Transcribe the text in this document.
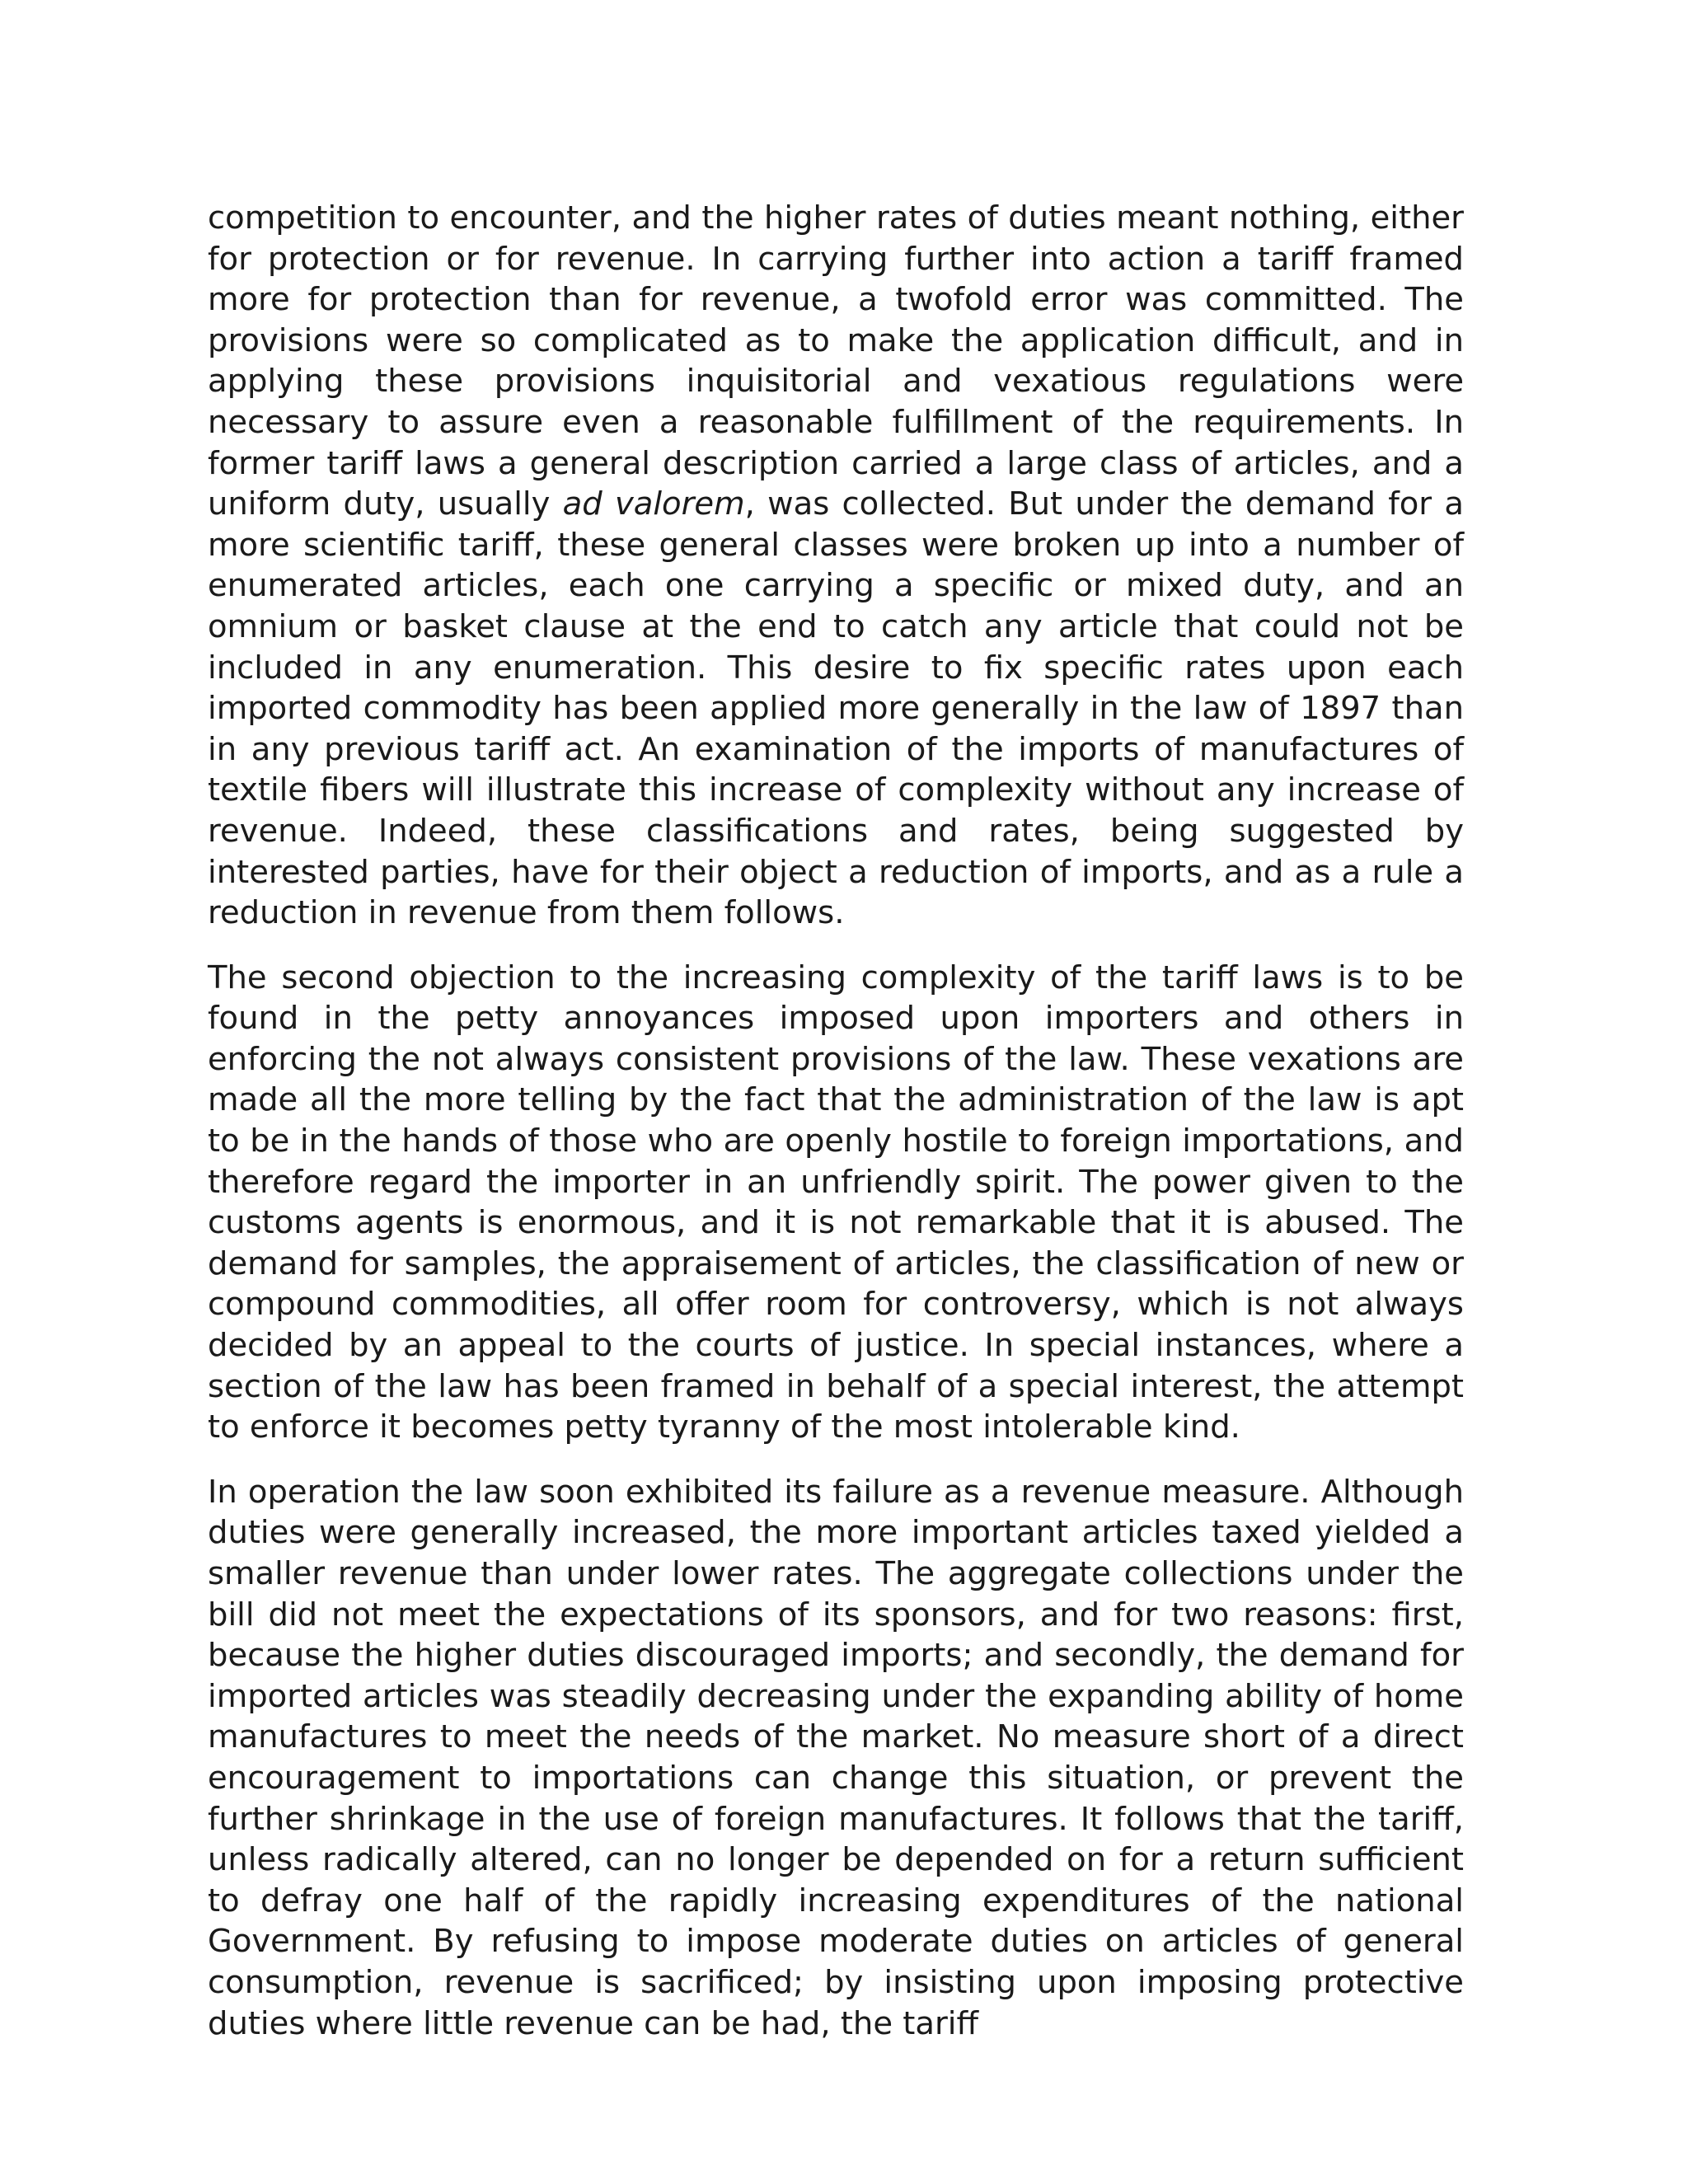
competition to encounter, and the higher rates of duties meant nothing, either for protection or for revenue. In carrying further into action a tariff framed more for protection than for revenue, a twofold error was committed. The provisions were so complicated as to make the application difficult, and in applying these provisions inquisitorial and vexatious regulations were necessary to assure even a reasonable fulfillment of the requirements. In former tariff laws a general description carried a large class of articles, and a uniform duty, usually ad valorem, was collected. But under the demand for a more scientific tariff, these general classes were broken up into a number of enumerated articles, each one carrying a specific or mixed duty, and an omnium or basket clause at the end to catch any article that could not be included in any enumeration. This desire to fix specific rates upon each imported commodity has been applied more generally in the law of 1897 than in any previous tariff act. An examination of the imports of manufactures of textile fibers will illustrate this increase of complexity without any increase of revenue. Indeed, these classifications and rates, being suggested by interested parties, have for their object a reduction of imports, and as a rule a reduction in revenue from them follows.

The second objection to the increasing complexity of the tariff laws is to be found in the petty annoyances imposed upon importers and others in enforcing the not always consistent provisions of the law. These vexations are made all the more telling by the fact that the administration of the law is apt to be in the hands of those who are openly hostile to foreign importations, and therefore regard the importer in an unfriendly spirit. The power given to the customs agents is enormous, and it is not remarkable that it is abused. The demand for samples, the appraisement of articles, the classification of new or compound commodities, all offer room for controversy, which is not always decided by an appeal to the courts of justice. In special instances, where a section of the law has been framed in behalf of a special interest, the attempt to enforce it becomes petty tyranny of the most intolerable kind.

In operation the law soon exhibited its failure as a revenue measure. Although duties were generally increased, the more important articles taxed yielded a smaller revenue than under lower rates. The aggregate collections under the bill did not meet the expectations of its sponsors, and for two reasons: first, because the higher duties discouraged imports; and secondly, the demand for imported articles was steadily decreasing under the expanding ability of home manufactures to meet the needs of the market. No measure short of a direct encouragement to importations can change this situation, or prevent the further shrinkage in the use of foreign manufactures. It follows that the tariff, unless radically altered, can no longer be depended on for a return sufficient to defray one half of the rapidly increasing expenditures of the national Government. By refusing to impose moderate duties on articles of general consumption, revenue is sacrificed; by insisting upon imposing protective duties where little revenue can be had, the tariff
